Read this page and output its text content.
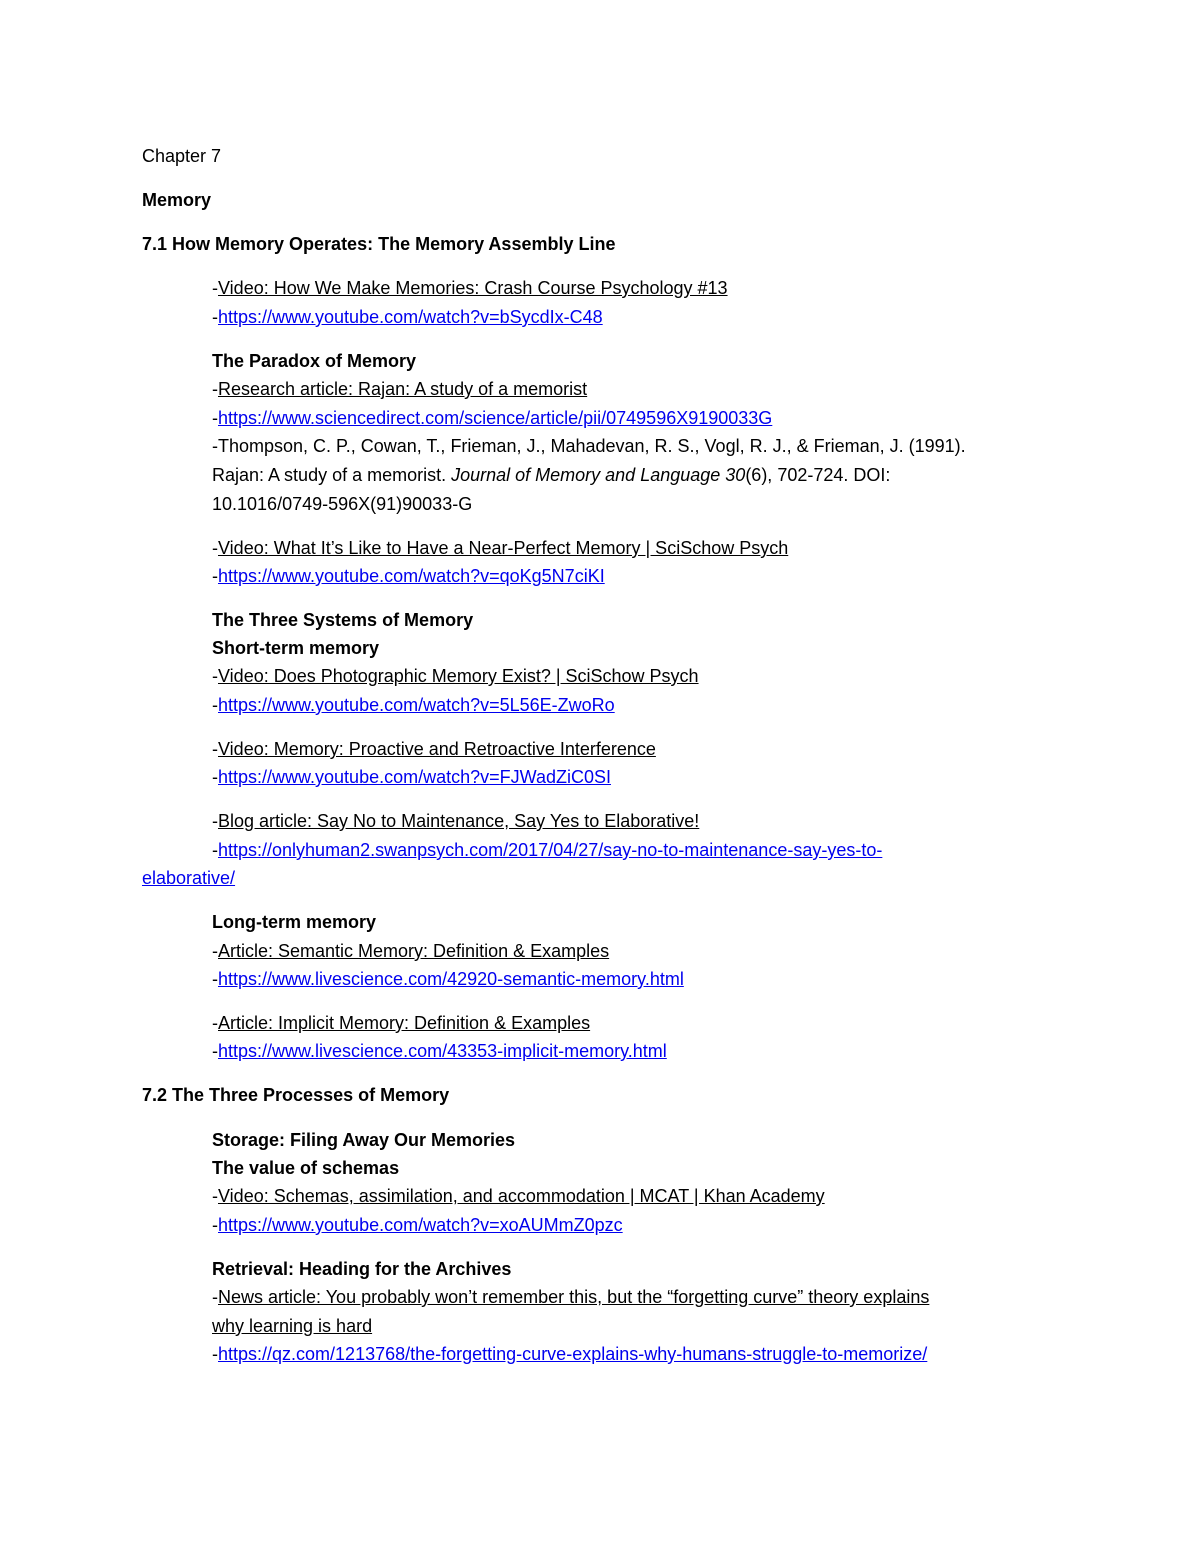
Chapter 7
Memory
7.1 How Memory Operates: The Memory Assembly Line
-Video: How We Make Memories: Crash Course Psychology #13
-https://www.youtube.com/watch?v=bSycdIx-C48
The Paradox of Memory
-Research article: Rajan: A study of a memorist
-https://www.sciencedirect.com/science/article/pii/0749596X9190033G
-Thompson, C. P., Cowan, T., Frieman, J., Mahadevan, R. S., Vogl, R. J., & Frieman, J. (1991).
Rajan: A study of a memorist. Journal of Memory and Language 30(6), 702-724. DOI:
10.1016/0749-596X(91)90033-G
-Video: What It’s Like to Have a Near-Perfect Memory | SciSchow Psych
-https://www.youtube.com/watch?v=qoKg5N7ciKI
The Three Systems of Memory
Short-term memory
-Video: Does Photographic Memory Exist? | SciSchow Psych
-https://www.youtube.com/watch?v=5L56E-ZwoRo
-Video: Memory: Proactive and Retroactive Interference
-https://www.youtube.com/watch?v=FJWadZiC0SI
-Blog article: Say No to Maintenance, Say Yes to Elaborative!
-https://onlyhuman2.swanpsych.com/2017/04/27/say-no-to-maintenance-say-yes-to-
elaborative/
Long-term memory
-Article: Semantic Memory: Definition & Examples
-https://www.livescience.com/42920-semantic-memory.html
-Article: Implicit Memory: Definition & Examples
-https://www.livescience.com/43353-implicit-memory.html
7.2 The Three Processes of Memory
Storage: Filing Away Our Memories
The value of schemas
-Video: Schemas, assimilation, and accommodation | MCAT | Khan Academy
-https://www.youtube.com/watch?v=xoAUMmZ0pzc
Retrieval: Heading for the Archives
-News article: You probably won’t remember this, but the “forgetting curve” theory explains
why learning is hard
-https://qz.com/1213768/the-forgetting-curve-explains-why-humans-struggle-to-memorize/
